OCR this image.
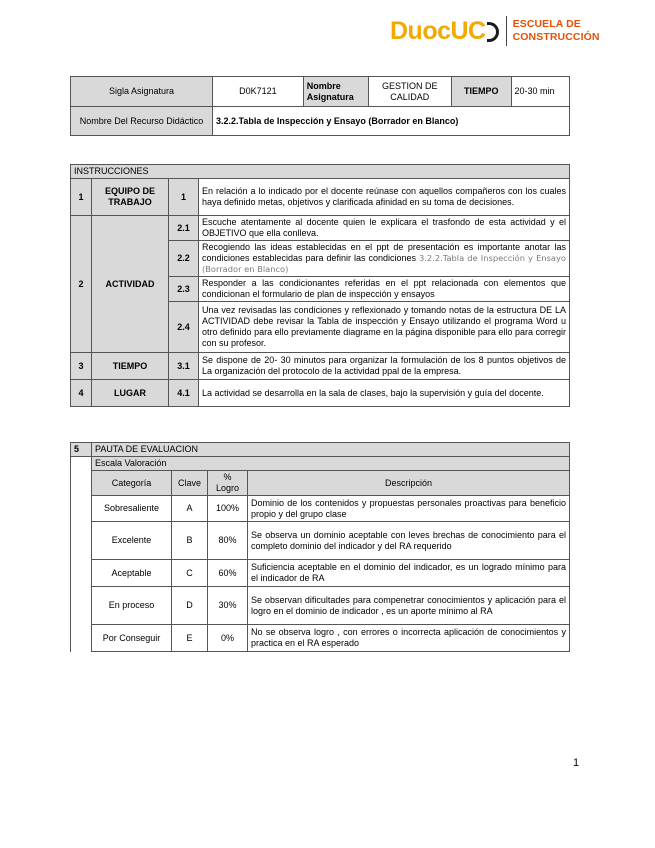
DuocUC	ESCUELA DE
CONSTRUCCIÓN
Sigla Asignatura	D0K7121	Nombre Asignatura	GESTION DE CALIDAD	TIEMPO	20-30 min
Nombre Del Recurso Didáctico	3.2.2.Tabla de Inspección y Ensayo (Borrador en Blanco)				
INSTRUCCIONES			
1	EQUIPO DE TRABAJO	1	En relación a lo indicado por el docente reúnase con aquellos compañeros con los cuales haya definido metas, objetivos y clarificada afinidad en su toma de decisiones.
2	ACTIVIDAD	2.1	Escuche atentamente al docente quien le explicara el trasfondo de esta actividad y el OBJETIVO que ella conlleva.
		2.2	Recogiendo las ideas establecidas en el ppt de presentación es importante anotar las condiciones establecidas para definir las condiciones 3.2.2.Tabla de Inspección y Ensayo (Borrador en Blanco)
		2.3	Responder a las condicionantes referidas en el ppt relacionada con elementos que condicionan el formulario de plan de inspección y ensayos
		2.4	Una vez revisadas las condiciones y reflexionado y tomando notas de la estructura DE LA ACTIVIDAD debe revisar la Tabla de inspección y Ensayo utilizando el programa Word u otro definido para ello previamente diagrame en la página disponible para ello para corregir con su profesor.
3	TIEMPO	3.1	Se dispone de 20- 30 minutos para organizar la formulación de los 8 puntos objetivos de La organización del protocolo de la actividad ppal de la empresa.
4	LUGAR	4.1	La actividad se desarrolla en la sala de clases, bajo la supervisión y guía del docente.
5	PAUTA DE EVALUACION			
	Escala Valoración			
	Categoría	Clave	% Logro	Descripción
	Sobresaliente	A	100%	Dominio de los contenidos y propuestas personales proactivas para beneficio propio y del grupo clase
	Excelente	B	80%	Se observa un dominio aceptable con leves brechas de conocimiento para el completo dominio del indicador y del RA requerido
	Aceptable	C	60%	Suficiencia aceptable en el dominio del indicador, es un logrado mínimo para el indicador de RA
	En proceso	D	30%	Se observan dificultades para compenetrar conocimientos y aplicación para el logro en el dominio de indicador , es un aporte mínimo al RA
	Por Conseguir	E	0%	No se observa logro , con errores o incorrecta aplicación de conocimientos y practica en el RA esperado
1
